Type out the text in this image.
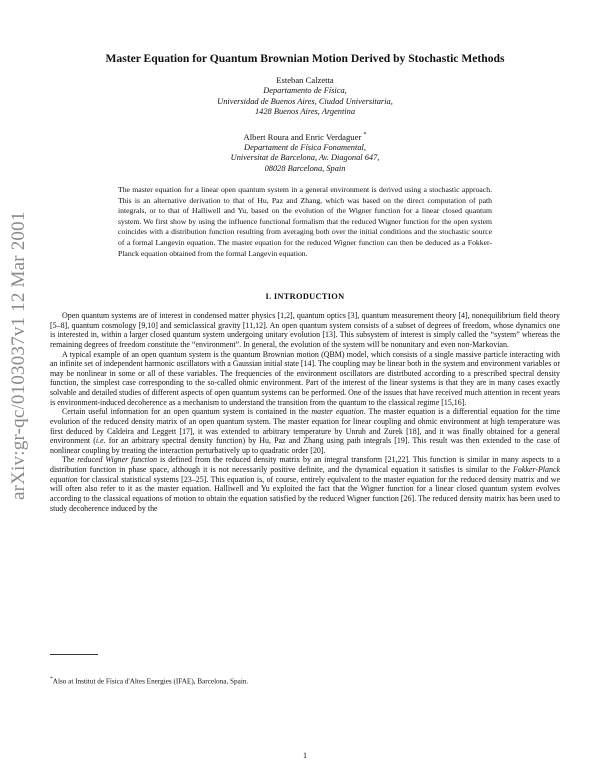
arXiv:gr-qc/0103037v1 12 Mar 2001
Master Equation for Quantum Brownian Motion Derived by Stochastic Methods
Esteban Calzetta
Departamento de Física,
Universidad de Buenos Aires, Ciudad Universitaria,
1428 Buenos Aires, Argentina
Albert Roura and Enric Verdaguer *
Departament de Física Fonamental,
Universitat de Barcelona, Av. Diagonal 647,
08028 Barcelona, Spain
The master equation for a linear open quantum system in a general environment is derived using a stochastic approach. This is an alternative derivation to that of Hu, Paz and Zhang, which was based on the direct computation of path integrals, or to that of Halliwell and Yu, based on the evolution of the Wigner function for a linear closed quantum system. We first show by using the influence functional formalism that the reduced Wigner function for the open system coincides with a distribution function resulting from averaging both over the initial conditions and the stochastic source of a formal Langevin equation. The master equation for the reduced Wigner function can then be deduced as a Fokker-Planck equation obtained from the formal Langevin equation.
I. INTRODUCTION

Open quantum systems are of interest in condensed matter physics [1,2], quantum optics [3], quantum measurement theory [4], nonequilibrium field theory [5–8], quantum cosmology [9,10] and semiclassical gravity [11,12]. An open quantum system consists of a subset of degrees of freedom, whose dynamics one is interested in, within a larger closed quantum system undergoing unitary evolution [13]. This subsystem of interest is simply called the “system” whereas the remaining degrees of freedom constitute the “environment”. In general, the evolution of the system will be nonunitary and even non-Markovian.

A typical example of an open quantum system is the quantum Brownian motion (QBM) model, which consists of a single massive particle interacting with an infinite set of independent harmonic oscillators with a Gaussian initial state [14]. The coupling may be linear both in the system and environment variables or may be nonlinear in some or all of these variables. The frequencies of the environment oscillators are distributed according to a prescribed spectral density function, the simplest case corresponding to the so-called ohmic environment. Part of the interest of the linear systems is that they are in many cases exactly solvable and detailed studies of different aspects of open quantum systems can be performed. One of the issues that have received much attention in recent years is environment-induced decoherence as a mechanism to understand the transition from the quantum to the classical regime [15,16].

Certain useful information for an open quantum system is contained in the master equation. The master equation is a differential equation for the time evolution of the reduced density matrix of an open quantum system. The master equation for linear coupling and ohmic environment at high temperature was first deduced by Caldeira and Leggett [17], it was extended to arbitrary temperature by Unruh and Zurek [18], and it was finally obtained for a general environment (i.e. for an arbitrary spectral density function) by Hu, Paz and Zhang using path integrals [19]. This result was then extended to the case of nonlinear coupling by treating the interaction perturbatively up to quadratic order [20].

The reduced Wigner function is defined from the reduced density matrix by an integral transform [21,22]. This function is similar in many aspects to a distribution function in phase space, although it is not necessarily positive definite, and the dynamical equation it satisfies is similar to the Fokker-Planck equation for classical statistical systems [23–25]. This equation is, of course, entirely equivalent to the master equation for the reduced density matrix and we will often also refer to it as the master equation. Halliwell and Yu exploited the fact that the Wigner function for a linear closed quantum system evolves according to the classical equations of motion to obtain the equation satisfied by the reduced Wigner function [26]. The reduced density matrix has been used to study decoherence induced by the

*Also at Institut de Física d'Altes Energies (IFAE), Barcelona, Spain.
1
